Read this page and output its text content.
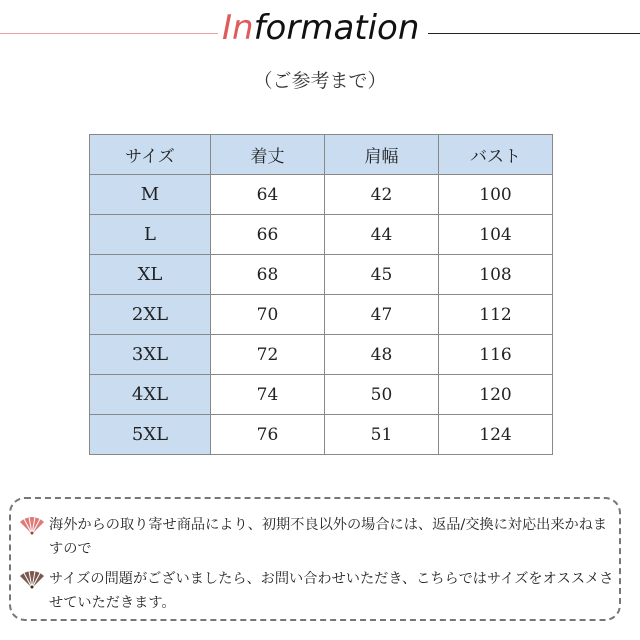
Information
（ご参考まで）
サイズ	着丈	肩幅	バスト
M	64	42	100
L	66	44	104
XL	68	45	108
2XL	70	47	112
3XL	72	48	116
4XL	74	50	120
5XL	76	51	124
海外からの取り寄せ商品により、初期不良以外の場合には、返品/交換に対応出来かねますので
サイズの問題がございましたら、お問い合わせいただき、こちらではサイズをオススメさせていただきます。
